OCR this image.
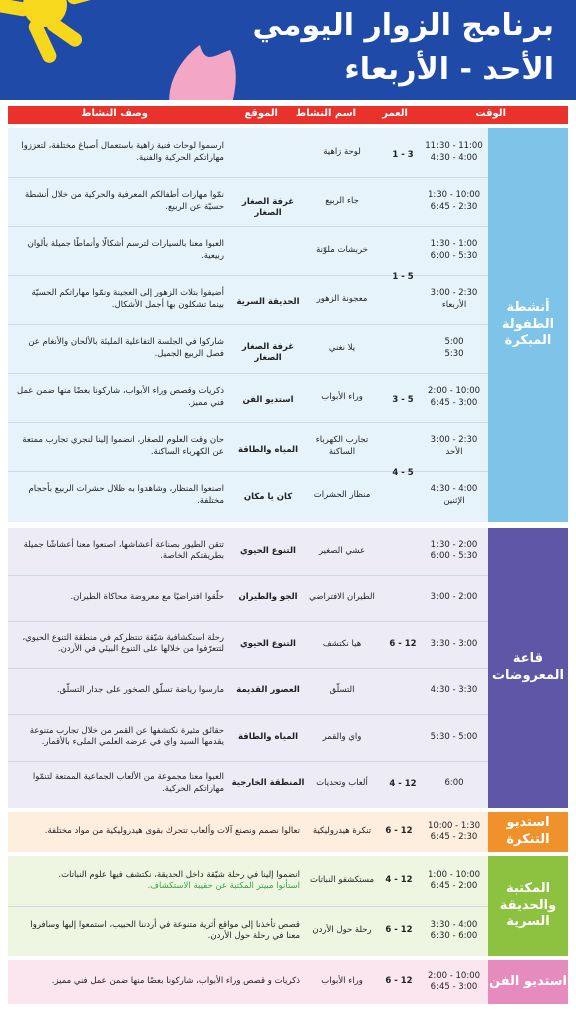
برنامج الزوار اليومي
الأحد - الأربعاء
الوقت
العمر
اسم النشاط
الموقع
وصف النشاط
أنشطة الطفولة المبكرة
11:30 - 11:00
4:30 - 4:00
لوحة زاهية
ارسموا لوحات فنية زاهية باستعمال أصباغ مختلفة، لتعززوا مهاراتكم الحركية والفنية.
1:30 - 10:00
6:45 - 2:30
جاء الربيع
نمّوا مهارات أطفالكم المعرفية والحركية من خلال أنشطة حسيّة عن الربيع.
1:30 - 1:00
6:00 - 5:30
خربشات ملوّنة
العبوا معنا بالسيارات لترسم أشكالًا وأنماطًا جميلة بألوان ربيعية.
3:00 - 2:30
الأربعاء
معجونة الزهور
أضيفوا بتلات الزهور إلى العجينة ونمّوا مهاراتكم الحسيّة بينما تشكلون بها أجمل الأشكال.
5:00
5:30
يلا نغني
شاركوا في الجلسة التفاعلية المليئة بالألحان والأنغام عن فصل الربيع الجميل.
2:00 - 10:00
6:45 - 3:00
وراء الأبواب
ذكريات وقصص وراء الأبواب، شاركونا بعضًا منها ضمن عمل فني مميز.
3:00 - 2:30
الأحد
تجارب الكهرباء الساكنة
حان وقت العلوم للصغار، انضموا إلينا لنجري تجارب ممتعة عن الكهرباء الساكنة.
4:30 - 4:00
الإثنين
منظار الحشرات
اصنعوا المنظار، وشاهدوا به ظلال حشرات الربيع بأحجام مختلفة.
3 - 1
5 - 1
5 - 3
5 - 4
غرفة الصغار الصغار
الحديقة السرية
غرفة الصغار الصغار
استديو الفن
المياه والطاقة
كان يا مكان
قاعة المعروضات
1:30 - 2:00
6:00 - 5:30
عشي الصغير
التنوع الحيوي
تتقن الطيور بصناعة أعشاشها، اصنعوا معنا أعشاشًا جميلة بطريقتكم الخاصة.
3:00 - 2:00
الطيران الافتراضي
الجو والطيران
حلّقوا افتراضيًا مع معروضة محاكاة الطيران.
3:30 - 3:00
هيا نكتشف
التنوع الحيوي
رحلة استكشافية شيّقة تنتظركم في منطقة التنوع الحيوي، لتتعرّفوا من خلالها على التنوع البيئي في الأردن.
4:30 - 3:30
التسلّق
العصور القديمة
مارسوا رياضة تسلّق الصخور على جدار التسلّق.
5:30 - 5:00
واي والقمر
المياه والطاقة
حقائق مثيرة نكتشفها عن القمر من خلال تجارب متنوعة يقدمها السيد واي في عرضه العلمي الملىء بالأقمار.
6:00
ألعاب وتحديات
المنطقة الخارجية
العبوا معنا مجموعة من الألعاب الجماعية الممتعة لتنمّوا مهاراتكم الحركية.
12 - 6
12 - 4
استديو التنكرة
10:00 - 1:30
6:45 - 2:30
12 - 6
تنكرة هيدروليكية
تعالوا نصمم ونصنع آلات وألعاب تتحرك بقوى هيدروليكية من مواد مختلفة.
المكتبة والحديقة السرية
1:00 - 10:00
6:45 - 2:00
12 - 4
مستكشفو النباتات
انضموا إلينا في رحلة شيّقة داخل الحديقة، نكتشف فيها علوم النباتات.
استأنوا مبيتر المكتبة عن حقيبة الاستكشاف.
3:30 - 4:00
6:30 - 6:00
12 - 6
رحلة حول الأردن
قصص تأخذنا إلى مواقع أثرية متنوعة في أردننا الحبيب، استمعوا إليها وسافروا معنا في رحلة حول الأردن.
استديو الفن
2:00 - 10:00
6:45 - 3:00
12 - 6
وراء الأبواب
ذكريات و قصص وراء الأبواب، شاركونا بعضًا منها ضمن عمل فني مميز.
